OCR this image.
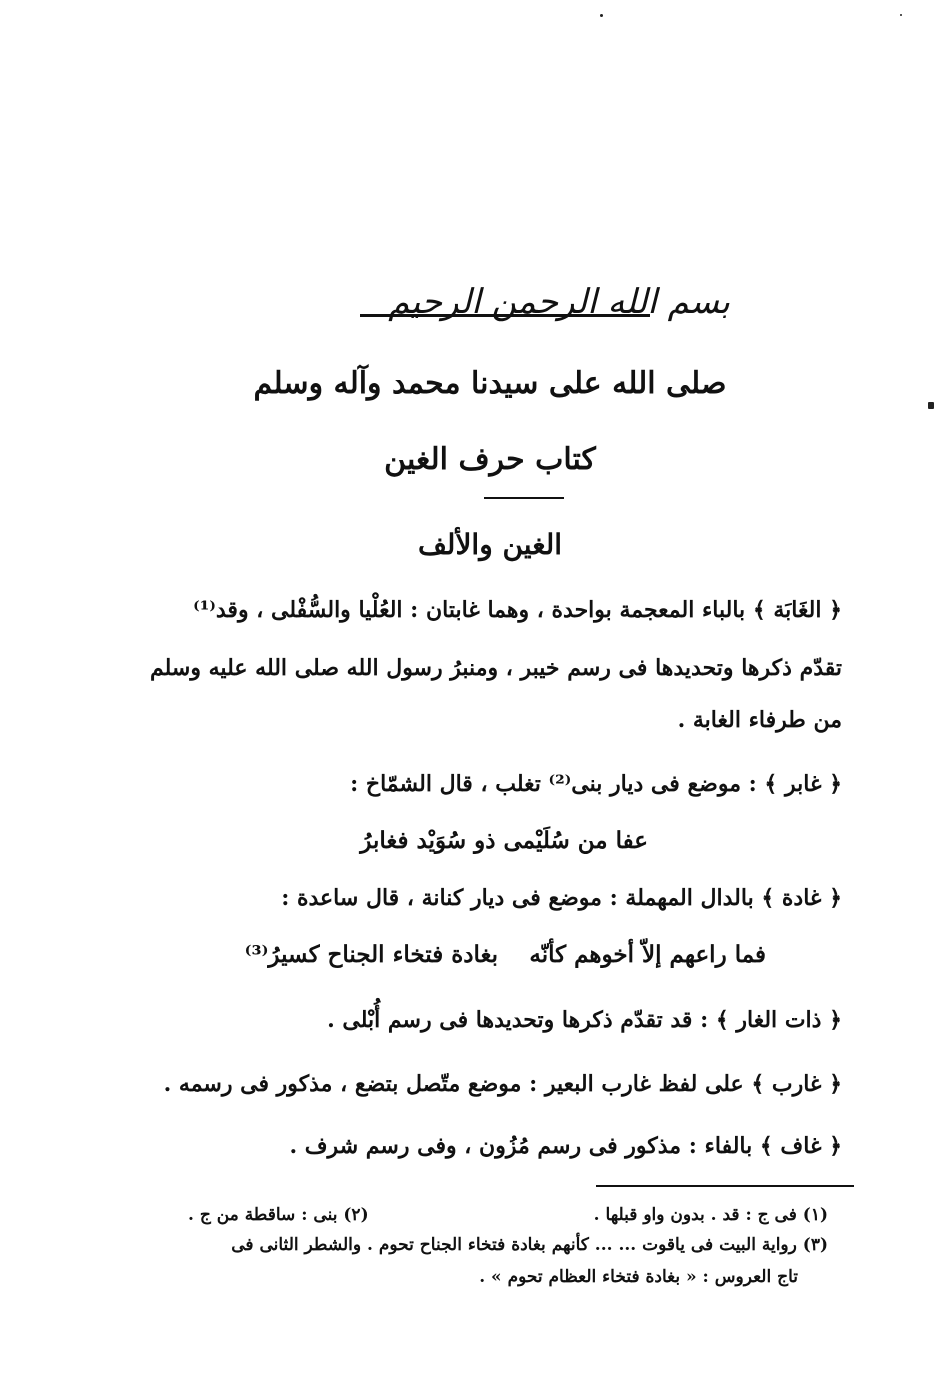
بسم الله الرحمن الرحيم
صلى الله على سيدنا محمد وآله وسلم
كتاب حرف الغين
الغين والألف
﴿ الغَابَة ﴾ بالباء المعجمة بواحدة ، وهما غابتان : العُلْيا والسُّفْلى ، وقد⁽¹⁾
تقدّم ذكرها وتحديدها فى رسم خيبر ، ومنبرُ رسول الله صلى الله عليه وسلم
من طرفاء الغابة .
﴿ غابر ﴾ : موضع فى ديار بنى⁽²⁾ تغلب ، قال الشمّاخ :
عفا من سُلَيْمى ذو سُوَيْد فغابرُ
﴿ غادة ﴾ بالدال المهملة : موضع فى ديار كنانة ، قال ساعدة :
فما راعهم إلاّ أخوهم كأنّه
بغادة فتخاء الجناح كسيرُ⁽³⁾
﴿ ذات الغار ﴾ : قد تقدّم ذكرها وتحديدها فى رسم أُبْلى .
﴿ غارب ﴾ على لفظ غارب البعير : موضع متّصل بتضع ، مذكور فى رسمه .
﴿ غاف ﴾ بالفاء : مذكور فى رسم مُزُون ، وفى رسم شرف .
(١) فى ج : قد . بدون واو قبلها .
(٢) بنى : ساقطة من ج .
(٣) رواية البيت فى ياقوت ... ... كأنهم بغادة فتخاء الجناح تحوم . والشطر الثانى فى
تاج العروس : « بغادة فتخاء العظام تحوم » .
